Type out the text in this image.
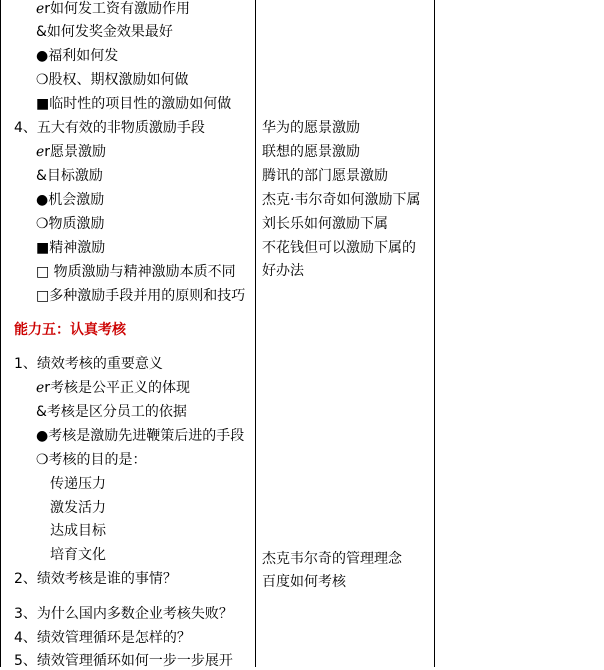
ℯr如何发工资有激励作用
&如何发奖金效果最好
●福利如何发
❍股权、期权激励如何做
■临时性的项目性的激励如何做
4、五大有效的非物质激励手段
ℯr愿景激励
&目标激励
●机会激励
❍物质激励
■精神激励
□ 物质激励与精神激励本质不同
□多种激励手段并用的原则和技巧
1、绩效考核的重要意义
ℯr考核是公平正义的体现
&考核是区分员工的依据
●考核是激励先进鞭策后进的手段
❍考核的目的是：
传递压力
激发活力
达成目标
培育文化
2、绩效考核是谁的事情？
3、为什么国内多数企业考核失败？
4、绩效管理循环是怎样的？
5、绩效管理循环如何一步一步展开
能力五：认真考核
华为的愿景激励
联想的愿景激励
腾讯的部门愿景激励
杰克·韦尔奇如何激励下属
刘长乐如何激励下属
不花钱但可以激励下属的
好办法
杰克韦尔奇的管理理念
百度如何考核
